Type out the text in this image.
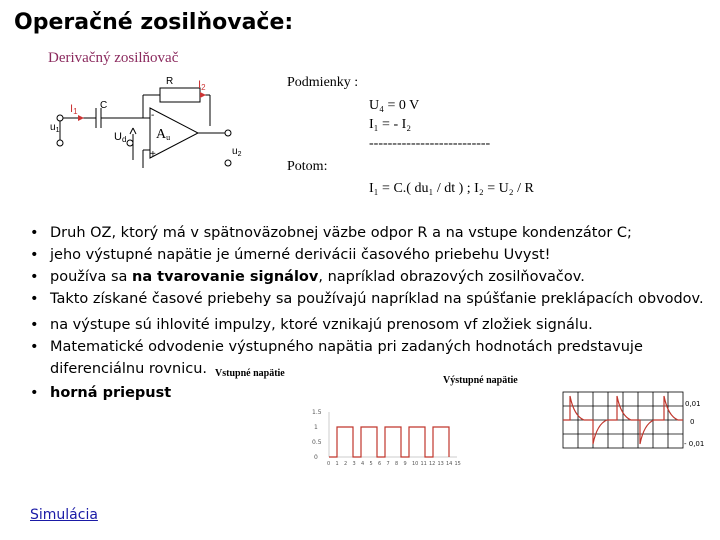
Operačné zosilňovače:
Derivačný zosilňovač
R I2
I1
C
$u_1$
Ud Au
-
+	$u_2$
Podmienky :
U₄ = 0 V
I₁ = - I₂
--------------------------
Potom:
I₁ = C.( du₁ / dt ) ; I₂ = U₂ / R
• Druh OZ, ktorý má v spätnoväzobnej väzbe odpor R a na vstupe kondenzátor C;
• jeho výstupné napätie je úmerné derivácii časového priebehu Uvyst!
• používa sa na tvarovanie signálov, napríklad obrazových zosilňovačov.
• Takto získané časové priebehy sa používajú napríklad na spúšťanie preklápacích obvodov.
• na výstupe sú ihlovité impulzy, ktoré vznikajú prenosom vf zložiek signálu.
• Matematické odvodenie výstupného napätia pri zadaných hodnotách predstavuje
diferenciálnu rovnicu.
• horná priepust
Vstupné napätie
Výstupné napätie
1.5
1
0.5
0
0 1 2 3 4 5 6 7 8 9 10 11 12 13 14 15
0,01
0
- 0,01
Simulácia
